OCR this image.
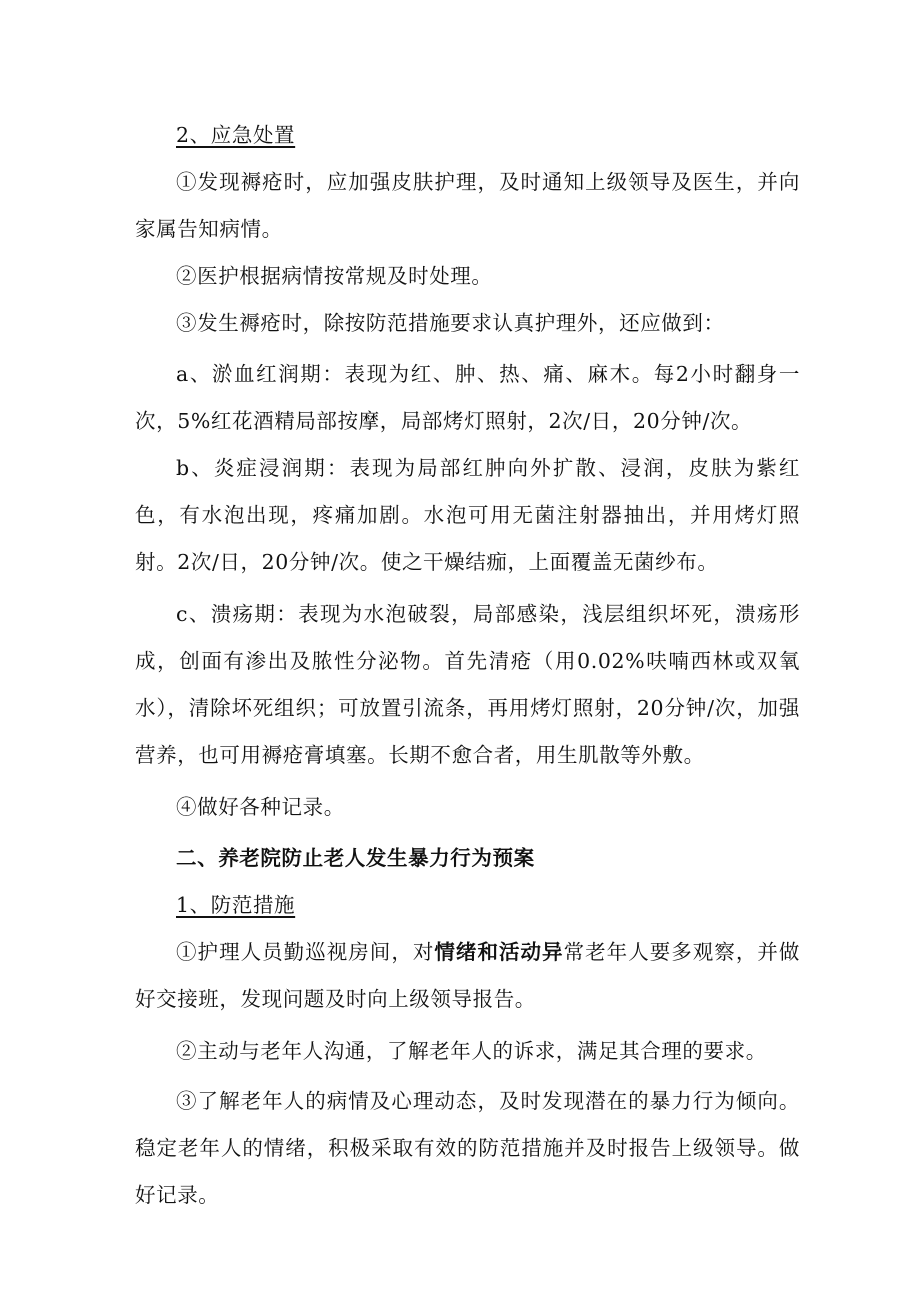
2、应急处置

①发现褥疮时，应加强皮肤护理，及时通知上级领导及医生，并向家属告知病情。

②医护根据病情按常规及时处理。

③发生褥疮时，除按防范措施要求认真护理外，还应做到：

a、淤血红润期：表现为红、肿、热、痛、麻木。每2小时翻身一次，5%红花酒精局部按摩，局部烤灯照射，2次/日，20分钟/次。

b、炎症浸润期：表现为局部红肿向外扩散、浸润，皮肤为紫红色，有水泡出现，疼痛加剧。水泡可用无菌注射器抽出，并用烤灯照射。2次/日，20分钟/次。使之干燥结痂，上面覆盖无菌纱布。

c、溃疡期：表现为水泡破裂，局部感染，浅层组织坏死，溃疡形成，创面有渗出及脓性分泌物。首先清疮（用0.02%呋喃西林或双氧水），清除坏死组织；可放置引流条，再用烤灯照射，20分钟/次，加强营养，也可用褥疮膏填塞。长期不愈合者，用生肌散等外敷。

④做好各种记录。

二、养老院防止老人发生暴力行为预案

1、防范措施

①护理人员勤巡视房间，对情绪和活动异常老年人要多观察，并做好交接班，发现问题及时向上级领导报告。

②主动与老年人沟通，了解老年人的诉求，满足其合理的要求。

③了解老年人的病情及心理动态，及时发现潜在的暴力行为倾向。稳定老年人的情绪，积极采取有效的防范措施并及时报告上级领导。做好记录。
